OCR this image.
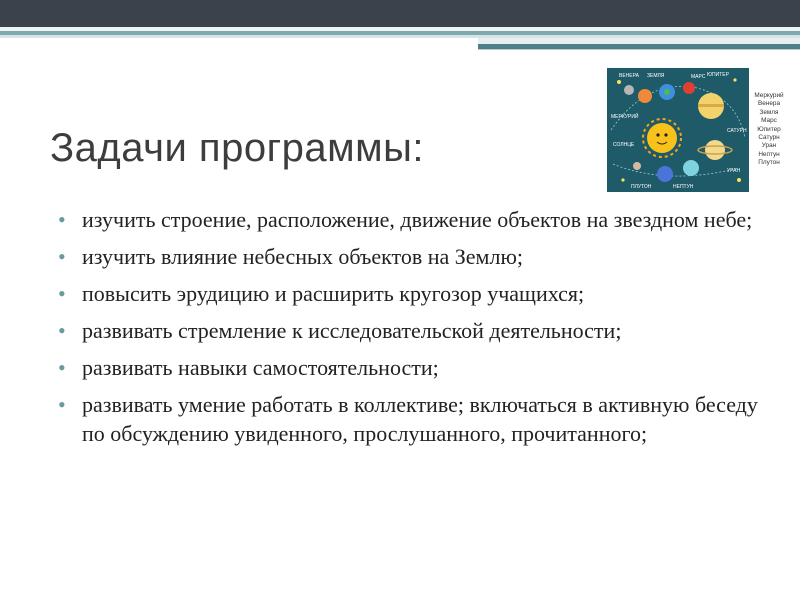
Задачи программы:
ЗЕМЛЯ
ВЕНЕРА	МАРС ЮПИТЕР
МЕРКУРИЙ
САТУРН
СОЛНЦЕ
УРАН
НЕПТУН
ПЛУТОН
Меркурий
Венера
Земля
Марс
Юпитер
Сатурн
Уран
Нептун
Плутон
• изучить строение, расположение, движение объектов на звездном небе;
• изучить влияние небесных объектов на Землю;
• повысить эрудицию и расширить кругозор учащихся;
• развивать стремление к исследовательской деятельности;
• развивать навыки самостоятельности;
• развивать умение работать в коллективе; включаться в активную беседу по обсуждению увиденного, прослушанного, прочитанного;
